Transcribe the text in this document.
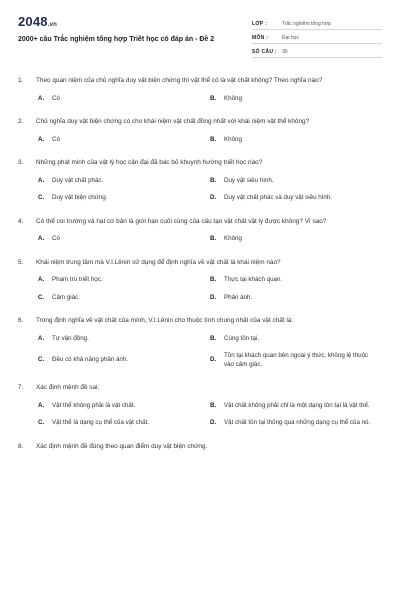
2048.vn
2000+ câu Trắc nghiệm tổng hợp Triết học có đáp án - Đề 2
LỚP :	Trắc nghiệm tổng hợp
MÔN :	Đại học
SỐ CÂU :	30
1.	Theo quan niệm của chủ nghĩa duy vật biện chứng thì vật thể có là vật chất không? Theo nghĩa nào?
A.	Có	B.	Không
2.	Chủ nghĩa duy vật biện chứng có cho khái niệm vật chất đồng nhất với khái niệm vật thể không?
A.	Có	B.	Không
3.	Những phát minh của vật lý học cận đại đã bác bỏ khuynh hướng triết học nào?
A.	Duy vật chất phác.	B.	Duy vật siêu hình.
C.	Duy vật biện chứng.	D.	Duy vật chất phác và duy vật siêu hình.
4.	Có thể coi trường và hạt cơ bản là giới hạn cuối cùng của cấu tạo vật chất vật lý được không? Vì sao?
A.	Có	B.	Không
5.	Khái niệm trung tâm mà V.I.Lênin sử dụng để định nghĩa về vật chất là khái niệm nào?
A.	Phạm trù triết học.	B.	Thực tại khách quan.
C.	Cảm giác.	D.	Phản ánh.
6.	Trong định nghĩa về vật chất của mình, V.I.Lênin cho thuộc tính chung nhất của vật chất là:
A.	Tự vận động.	B.	Cùng tồn tại.
C.	Đều có khả năng phản ánh.	D.
Tồn tại khách quan bên ngoài ý thức, không lệ thuộc vào cảm giác.
7.	Xác định mệnh đề sai:
A.	Vật thể không phải là vật chất.	B.	Vật chất không phải chỉ là một dạng tồn tại là vật thể.
C.	Vật thể là dạng cụ thể của vật chất.	D.	Vật chất tồn tại thông qua những dạng cụ thể của nó.
8.	Xác định mệnh đề đúng theo quan điểm duy vật biện chứng.
